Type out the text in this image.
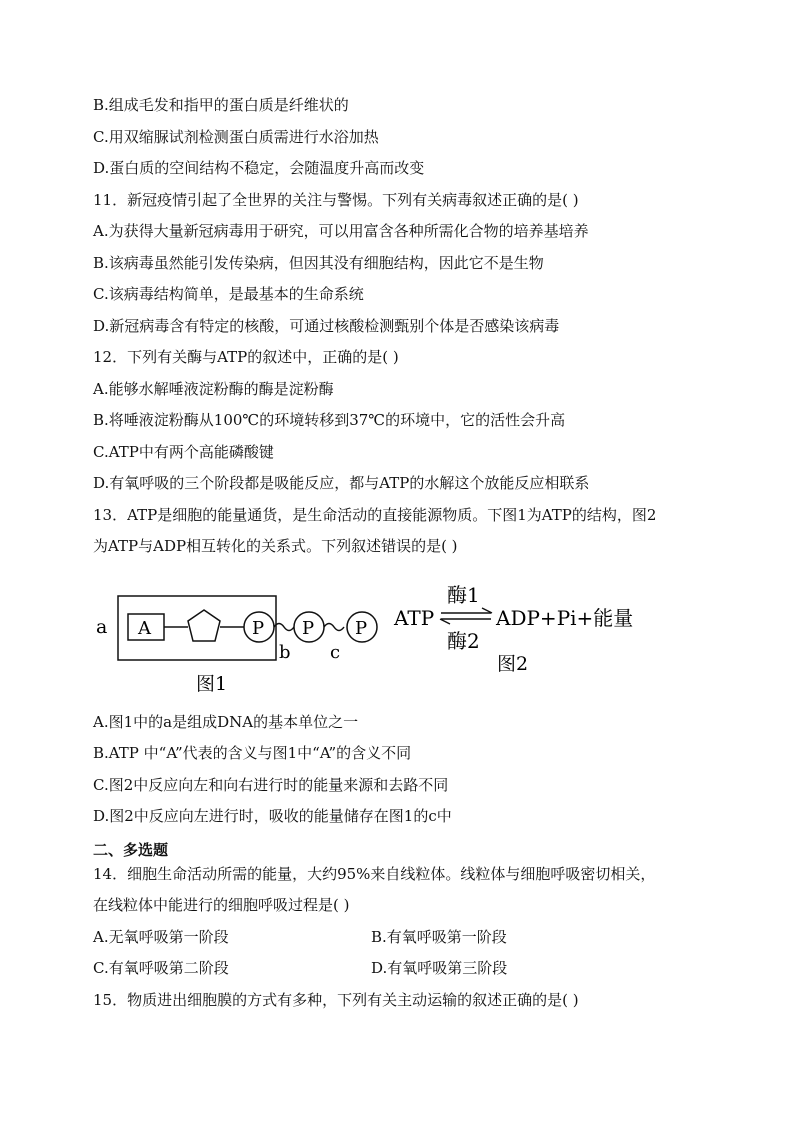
B.组成毛发和指甲的蛋白质是纤维状的
C.用双缩脲试剂检测蛋白质需进行水浴加热
D.蛋白质的空间结构不稳定，会随温度升高而改变
11．新冠疫情引起了全世界的关注与警惕。下列有关病毒叙述正确的是( )
A.为获得大量新冠病毒用于研究，可以用富含各种所需化合物的培养基培养
B.该病毒虽然能引发传染病，但因其没有细胞结构，因此它不是生物
C.该病毒结构简单，是最基本的生命系统
D.新冠病毒含有特定的核酸，可通过核酸检测甄别个体是否感染该病毒
12．下列有关酶与ATP的叙述中，正确的是( )
A.能够水解唾液淀粉酶的酶是淀粉酶
B.将唾液淀粉酶从100℃的环境转移到37℃的环境中，它的活性会升高
C.ATP中有两个高能磷酸键
D.有氧呼吸的三个阶段都是吸能反应，都与ATP的水解这个放能反应相联系
13．ATP是细胞的能量通货，是生命活动的直接能源物质。下图1为ATP的结构，图2
为ATP与ADP相互转化的关系式。下列叙述错误的是( )
a A	P
b
P
c
P
图1
ATP
酶1
酶2
ADP+Pi+能量
图2
A.图1中的a是组成DNA的基本单位之一
B.ATP 中“A”代表的含义与图1中“A”的含义不同
C.图2中反应向左和向右进行时的能量来源和去路不同
D.图2中反应向左进行时，吸收的能量储存在图1的c中
二、多选题
14．细胞生命活动所需的能量，大约95%来自线粒体。线粒体与细胞呼吸密切相关，
在线粒体中能进行的细胞呼吸过程是( )
A.无氧呼吸第一阶段	B.有氧呼吸第一阶段
C.有氧呼吸第二阶段	D.有氧呼吸第三阶段
15．物质进出细胞膜的方式有多种，下列有关主动运输的叙述正确的是( )
